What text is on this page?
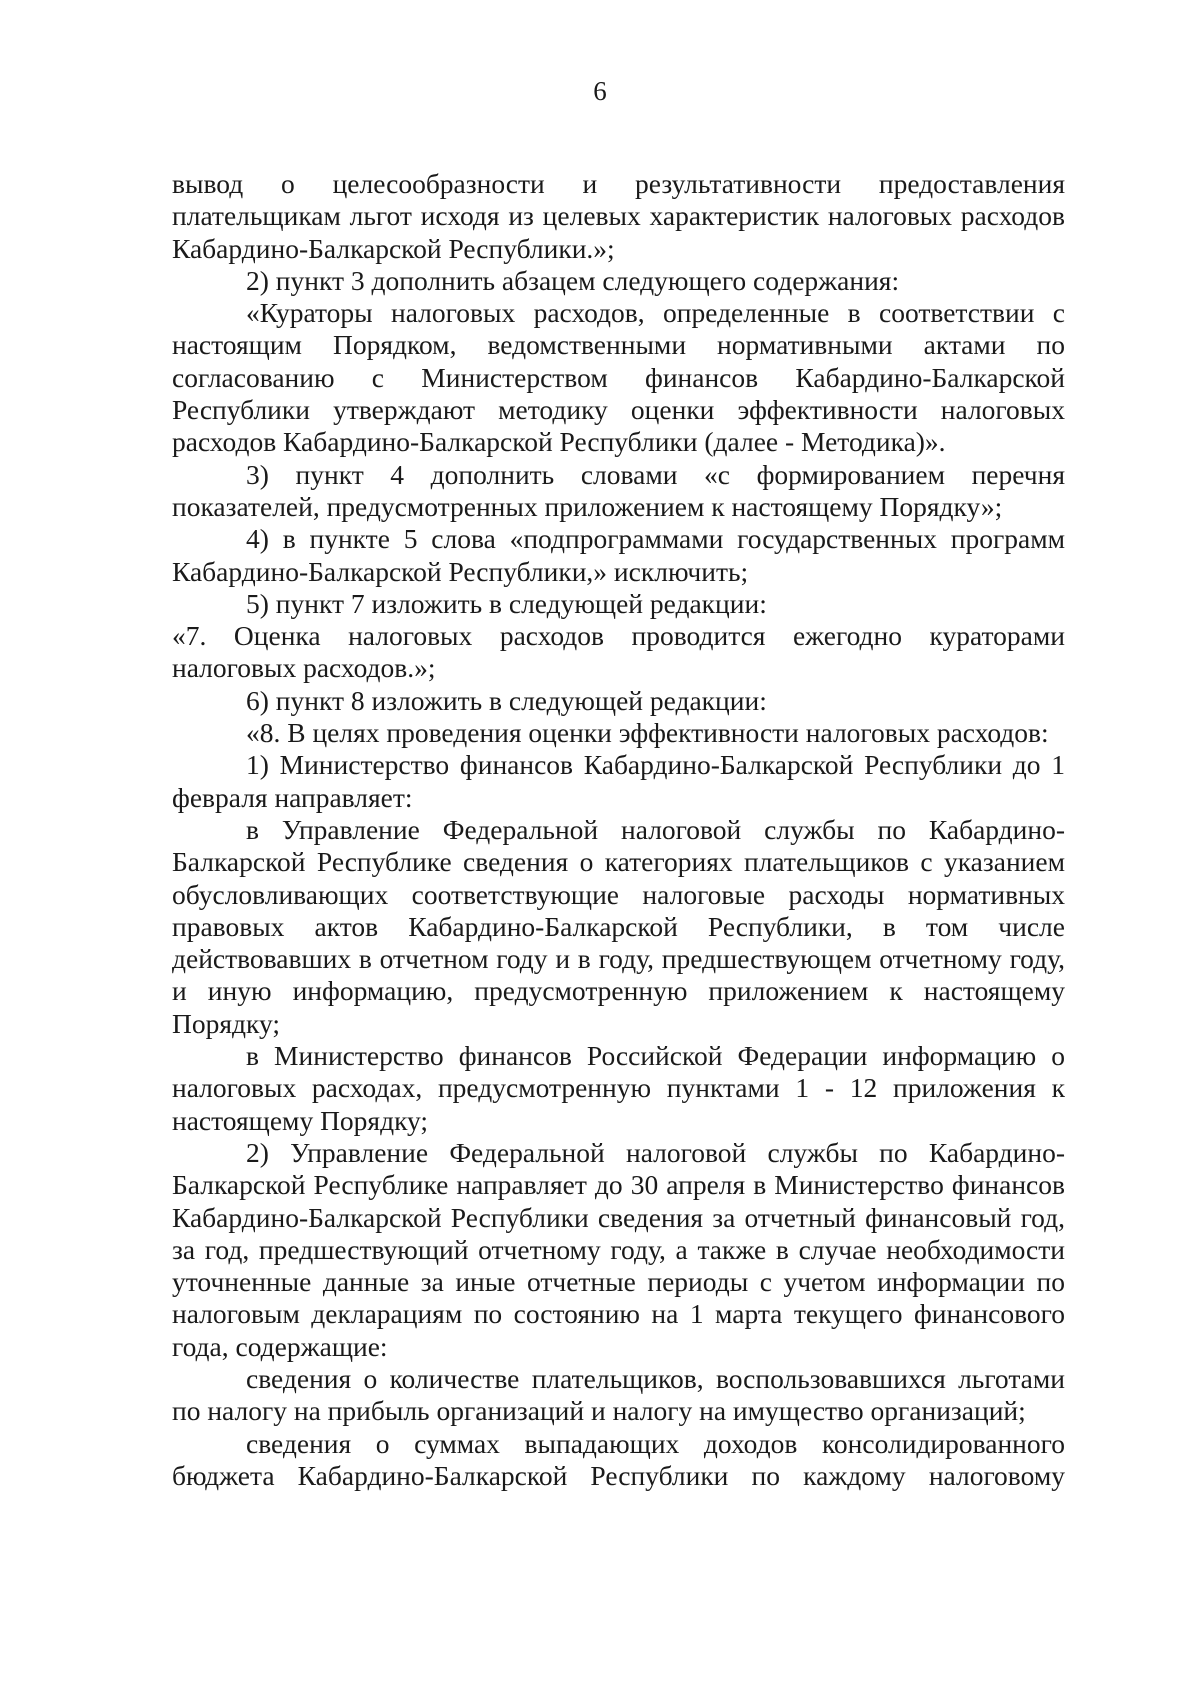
6

вывод о целесообразности и результативности предоставления плательщикам льгот исходя из целевых характеристик налоговых расходов Кабардино-Балкарской Республики.»;

2) пункт 3 дополнить абзацем следующего содержания:

«Кураторы налоговых расходов, определенные в соответствии с настоящим Порядком, ведомственными нормативными актами по согласованию с Министерством финансов Кабардино-Балкарской Республики утверждают методику оценки эффективности налоговых расходов Кабардино-Балкарской Республики (далее - Методика)».

3) пункт 4 дополнить словами «с формированием перечня показателей, предусмотренных приложением к настоящему Порядку»;

4) в пункте 5 слова «подпрограммами государственных программ Кабардино-Балкарской Республики,» исключить;

5) пункт 7 изложить в следующей редакции:

«7. Оценка налоговых расходов проводится ежегодно кураторами налоговых расходов.»;

6) пункт 8 изложить в следующей редакции:

«8. В целях проведения оценки эффективности налоговых расходов:

1) Министерство финансов Кабардино-Балкарской Республики до 1 февраля направляет:

в Управление Федеральной налоговой службы по Кабардино-Балкарской Республике сведения о категориях плательщиков с указанием обусловливающих соответствующие налоговые расходы нормативных правовых актов Кабардино-Балкарской Республики, в том числе действовавших в отчетном году и в году, предшествующем отчетному году, и иную информацию, предусмотренную приложением к настоящему Порядку;

в Министерство финансов Российской Федерации информацию о налоговых расходах, предусмотренную пунктами 1 - 12 приложения к настоящему Порядку;

2) Управление Федеральной налоговой службы по Кабардино-Балкарской Республике направляет до 30 апреля в Министерство финансов Кабардино-Балкарской Республики сведения за отчетный финансовый год, за год, предшествующий отчетному году, а также в случае необходимости уточненные данные за иные отчетные периоды с учетом информации по налоговым декларациям по состоянию на 1 марта текущего финансового года, содержащие:

сведения о количестве плательщиков, воспользовавшихся льготами по налогу на прибыль организаций и налогу на имущество организаций;

сведения о суммах выпадающих доходов консолидированного бюджета Кабардино-Балкарской Республики по каждому налоговому
